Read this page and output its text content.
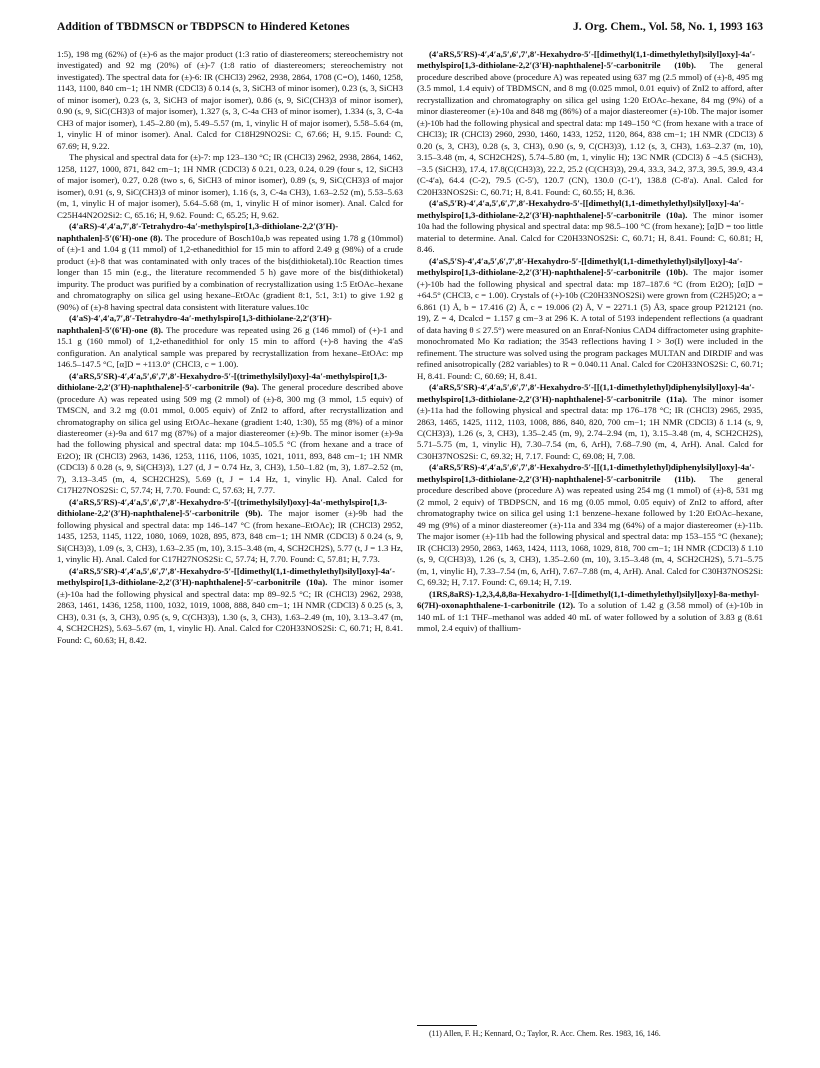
Addition of TBDMSCN or TBDPSCN to Hindered Ketones	J. Org. Chem., Vol. 58, No. 1, 1993 163

1:5), 198 mg (62%) of (±)-6 as the major product (1:3 ratio of diastereomers; stereochemistry not investigated) and 92 mg (20%) of (±)-7 (1:8 ratio of diastereomers; stereochemistry not investigated). The spectral data for (±)-6: IR (CHCl3) 2962, 2938, 2864, 1708 (C=O), 1460, 1258, 1143, 1100, 840 cm−1; 1H NMR (CDCl3) δ 0.14 (s, 3, SiCH3 of minor isomer), 0.23 (s, 3, SiCH3 of minor isomer), 0.23 (s, 3, SiCH3 of major isomer), 0.86 (s, 9, SiC(CH3)3 of minor isomer), 0.90 (s, 9, SiC(CH3)3 of major isomer), 1.327 (s, 3, C-4a CH3 of minor isomer), 1.334 (s, 3, C-4a CH3 of major isomer), 1.45–2.80 (m), 5.49–5.57 (m, 1, vinylic H of major isomer), 5.58–5.64 (m, 1, vinylic H of minor isomer). Anal. Calcd for C18H29NO2Si: C, 67.66; H, 9.15. Found: C, 67.69; H, 9.22.

The physical and spectral data for (±)-7: mp 123–130 °C; IR (CHCl3) 2962, 2938, 2864, 1462, 1258, 1127, 1000, 871, 842 cm−1; 1H NMR (CDCl3) δ 0.21, 0.23, 0.24, 0.29 (four s, 12, SiCH3 of major isomer), 0.27, 0.28 (two s, 6, SiCH3 of minor isomer), 0.89 (s, 9, SiC(CH3)3 of major isomer), 0.91 (s, 9, SiC(CH3)3 of minor isomer), 1.16 (s, 3, C-4a CH3), 1.63–2.52 (m), 5.53–5.63 (m, 1, vinylic H of major isomer), 5.64–5.68 (m, 1, vinylic H of minor isomer). Anal. Calcd for C25H44N2O2Si2: C, 65.16; H, 9.62. Found: C, 65.25; H, 9.62.

(4′aRS)-4′,4′a,7′,8′-Tetrahydro-4a′-methylspiro[1,3-dithiolane-2,2′(3′H)-naphthalen]-5′(6′H)-one (8). The procedure of Bosch10a,b was repeated using 1.78 g (10mmol) of (±)-1 and 1.04 g (11 mmol) of 1,2-ethanedithiol for 15 min to afford 2.49 g (98%) of a crude product (±)-8 that was contaminated with only traces of the bis(dithioketal).10c Reaction times longer than 15 min (e.g., the literature recommended 5 h) gave more of the bis(dithioketal) impurity. The product was purified by a combination of recrystallization using 1:5 EtOAc–hexane and chromatography on silica gel using hexane–EtOAc (gradient 8:1, 5:1, 3:1) to give 1.92 g (90%) of (±)-8 having spectral data consistent with literature values.10c

(4′aS)-4′,4′a,7′,8′-Tetrahydro-4a′-methylspiro[1,3-dithiolane-2,2′(3′H)-naphthalen]-5′(6′H)-one (8). The procedure was repeated using 26 g (146 mmol) of (+)-1 and 15.1 g (160 mmol) of 1,2-ethanedithiol for only 15 min to afford (+)-8 having the 4′aS configuration. An analytical sample was prepared by recrystallization from hexane–EtOAc: mp 146.5–147.5 °C, [α]D = +113.0° (CHCl3, c = 1.00).

(4′aRS,5′SR)-4′,4′a,5′,6′,7′,8′-Hexahydro-5′-[(trimethylsilyl)oxy]-4a′-methylspiro[1,3-dithiolane-2,2′(3′H)-naphthalene]-5′-carbonitrile (9a). The general procedure described above (procedure A) was repeated using 509 mg (2 mmol) of (±)-8, 300 mg (3 mmol, 1.5 equiv) of TMSCN, and 3.2 mg (0.01 mmol, 0.005 equiv) of ZnI2 to afford, after recrystallization and chromatography on silica gel using EtOAc–hexane (gradient 1:40, 1:30), 55 mg (8%) of a minor diastereomer (±)-9a and 617 mg (87%) of a major diastereomer (±)-9b. The minor isomer (±)-9a had the following physical and spectral data: mp 104.5–105.5 °C (from hexane and a trace of Et2O); IR (CHCl3) 2963, 1436, 1253, 1116, 1106, 1035, 1021, 1011, 893, 848 cm−1; 1H NMR (CDCl3) δ 0.28 (s, 9, Si(CH3)3), 1.27 (d, J = 0.74 Hz, 3, CH3), 1.50–1.82 (m, 3), 1.87–2.52 (m, 7), 3.13–3.45 (m, 4, SCH2CH2S), 5.69 (t, J = 1.4 Hz, 1, vinylic H). Anal. Calcd for C17H27NOS2Si: C, 57.74; H, 7.70. Found: C, 57.63; H, 7.77.

(4′aRS,5′RS)-4′,4′a,5′,6′,7′,8′-Hexahydro-5′-[(trimethylsilyl)oxy]-4a′-methylspiro[1,3-dithiolane-2,2′(3′H)-naphthalene]-5′-carbonitrile (9b). The major isomer (±)-9b had the following physical and spectral data: mp 146–147 °C (from hexane–EtOAc); IR (CHCl3) 2952, 1435, 1253, 1145, 1122, 1080, 1069, 1028, 895, 873, 848 cm−1; 1H NMR (CDCl3) δ 0.24 (s, 9, Si(CH3)3), 1.09 (s, 3, CH3), 1.63–2.35 (m, 10), 3.15–3.48 (m, 4, SCH2CH2S), 5.77 (t, J = 1.3 Hz, 1, vinylic H). Anal. Calcd for C17H27NOS2Si: C, 57.74; H, 7.70. Found: C, 57.81; H, 7.73.

(4′aRS,5′SR)-4′,4′a,5′,6′,7′,8′-Hexahydro-5′-[[dimethyl(1,1-dimethylethyl)silyl]oxy]-4a′-methylspiro[1,3-dithiolane-2,2′(3′H)-naphthalene]-5′-carbonitrile (10a). The minor isomer (±)-10a had the following physical and spectral data: mp 89–92.5 °C; IR (CHCl3) 2962, 2938, 2863, 1461, 1436, 1258, 1100, 1032, 1019, 1008, 888, 840 cm−1; 1H NMR (CDCl3) δ 0.25 (s, 3, CH3), 0.31 (s, 3, CH3), 0.95 (s, 9, C(CH3)3), 1.30 (s, 3, CH3), 1.63–2.49 (m, 10), 3.13–3.47 (m, 4, SCH2CH2S), 5.63–5.67 (m, 1, vinylic H). Anal. Calcd for C20H33NOS2Si: C, 60.71; H, 8.41. Found: C, 60.63; H, 8.42.

(4′aRS,5′RS)-4′,4′a,5′,6′,7′,8′-Hexahydro-5′-[[dimethyl(1,1-dimethylethyl)silyl]oxy]-4a′-methylspiro[1,3-dithiolane-2,2′(3′H)-naphthalene]-5′-carbonitrile (10b). The general procedure described above (procedure A) was repeated using 637 mg (2.5 mmol) of (±)-8, 495 mg (3.5 mmol, 1.4 equiv) of TBDMSCN, and 8 mg (0.025 mmol, 0.01 equiv) of ZnI2 to afford, after recrystallization and chromatography on silica gel using 1:20 EtOAc–hexane, 84 mg (9%) of a minor diastereomer (±)-10a and 848 mg (86%) of a major diastereomer (±)-10b. The major isomer (±)-10b had the following physical and spectral data: mp 149–150 °C (from hexane with a trace of CHCl3); IR (CHCl3) 2960, 2930, 1460, 1433, 1252, 1120, 864, 838 cm−1; 1H NMR (CDCl3) δ 0.20 (s, 3, CH3), 0.28 (s, 3, CH3), 0.90 (s, 9, C(CH3)3), 1.12 (s, 3, CH3), 1.63–2.37 (m, 10), 3.15–3.48 (m, 4, SCH2CH2S), 5.74–5.80 (m, 1, vinylic H); 13C NMR (CDCl3) δ −4.5 (SiCH3), −3.5 (SiCH3), 17.4, 17.8(C(CH3)3), 22.2, 25.2 (C(CH3)3), 29.4, 33.3, 34.2, 37.3, 39.5, 39.9, 43.4 (C-4′a), 64.4 (C-2), 79.5 (C-5′), 120.7 (CN), 130.0 (C-1′), 138.8 (C-8′a). Anal. Calcd for C20H33NOS2Si: C, 60.71; H, 8.41. Found: C, 60.55; H, 8.36.

(4′aS,5′R)-4′,4′a,5′,6′,7′,8′-Hexahydro-5′-[[dimethyl(1,1-dimethylethyl)silyl]oxy]-4a′-methylspiro[1,3-dithiolane-2,2′(3′H)-naphthalene]-5′-carbonitrile (10a). The minor isomer 10a had the following physical and spectral data: mp 98.5–100 °C (from hexane); [α]D = too little material to determine. Anal. Calcd for C20H33NOS2Si: C, 60.71; H, 8.41. Found: C, 60.81; H, 8.46.

(4′aS,5′S)-4′,4′a,5′,6′,7′,8′-Hexahydro-5′-[[dimethyl(1,1-dimethylethyl)silyl]oxy]-4a′-methylspiro[1,3-dithiolane-2,2′(3′H)-naphthalene]-5′-carbonitrile (10b). The major isomer (+)-10b had the following physical and spectral data: mp 187–187.6 °C (from Et2O); [α]D = +64.5° (CHCl3, c = 1.00). Crystals of (+)-10b (C20H33NOS2Si) were grown from (C2H5)2O; a = 6.861 (1) Å, b = 17.416 (2) Å, c = 19.006 (2) Å, V = 2271.1 (5) Å3, space group P212121 (no. 19), Z = 4, Dcalcd = 1.157 g cm−3 at 296 K. A total of 5193 independent reflections (a quadrant of data having θ ≤ 27.5°) were measured on an Enraf-Nonius CAD4 diffractometer using graphite-monochromated Mo Kα radiation; the 3543 reflections having I > 3σ(I) were included in the refinement. The structure was solved using the program packages MULTAN and DIRDIF and was refined anisotropically (282 variables) to R = 0.040.11 Anal. Calcd for C20H33NOS2Si: C, 60.71; H, 8.41. Found: C, 60.69; H, 8.41.

(4′aRS,5′SR)-4′,4′a,5′,6′,7′,8′-Hexahydro-5′-[[(1,1-dimethylethyl)diphenylsilyl]oxy]-4a′-methylspiro[1,3-dithiolane-2,2′(3′H)-naphthalene]-5′-carbonitrile (11a). The minor isomer (±)-11a had the following physical and spectral data: mp 176–178 °C; IR (CHCl3) 2965, 2935, 2863, 1465, 1425, 1112, 1103, 1008, 886, 840, 820, 700 cm−1; 1H NMR (CDCl3) δ 1.14 (s, 9, C(CH3)3), 1.26 (s, 3, CH3), 1.35–2.45 (m, 9), 2.74–2.94 (m, 1), 3.15–3.48 (m, 4, SCH2CH2S), 5.71–5.75 (m, 1, vinylic H), 7.30–7.54 (m, 6, ArH), 7.68–7.90 (m, 4, ArH). Anal. Calcd for C30H37NOS2Si: C, 69.32; H, 7.17. Found: C, 69.08; H, 7.08.

(4′aRS,5′RS)-4′,4′a,5′,6′,7′,8′-Hexahydro-5′-[[(1,1-dimethylethyl)diphenylsilyl]oxy]-4a′-methylspiro[1,3-dithiolane-2,2′(3′H)-naphthalene]-5′-carbonitrile (11b). The general procedure described above (procedure A) was repeated using 254 mg (1 mmol) of (±)-8, 531 mg (2 mmol, 2 equiv) of TBDPSCN, and 16 mg (0.05 mmol, 0.05 equiv) of ZnI2 to afford, after chromatography twice on silica gel using 1:1 benzene–hexane followed by 1:20 EtOAc–hexane, 49 mg (9%) of a minor diastereomer (±)-11a and 334 mg (64%) of a major diastereomer (±)-11b. The major isomer (±)-11b had the following physical and spectral data: mp 153–155 °C (hexane); IR (CHCl3) 2950, 2863, 1463, 1424, 1113, 1068, 1029, 818, 700 cm−1; 1H NMR (CDCl3) δ 1.10 (s, 9, C(CH3)3), 1.26 (s, 3, CH3), 1.35–2.60 (m, 10), 3.15–3.48 (m, 4, SCH2CH2S), 5.71–5.75 (m, 1, vinylic H), 7.33–7.54 (m, 6, ArH), 7.67–7.88 (m, 4, ArH). Anal. Calcd for C30H37NOS2Si: C, 69.32; H, 7.17. Found: C, 69.14; H, 7.19.

(1RS,8aRS)-1,2,3,4,8,8a-Hexahydro-1-[[dimethyl(1,1-dimethylethyl)silyl]oxy]-8a-methyl-6(7H)-oxonaphthalene-1-carbonitrile (12). To a solution of 1.42 g (3.58 mmol) of (±)-10b in 140 mL of 1:1 THF–methanol was added 40 mL of water followed by a solution of 3.83 g (8.61 mmol, 2.4 equiv) of thallium-

(11) Allen, F. H.; Kennard, O.; Taylor, R. Acc. Chem. Res. 1983, 16, 146.
